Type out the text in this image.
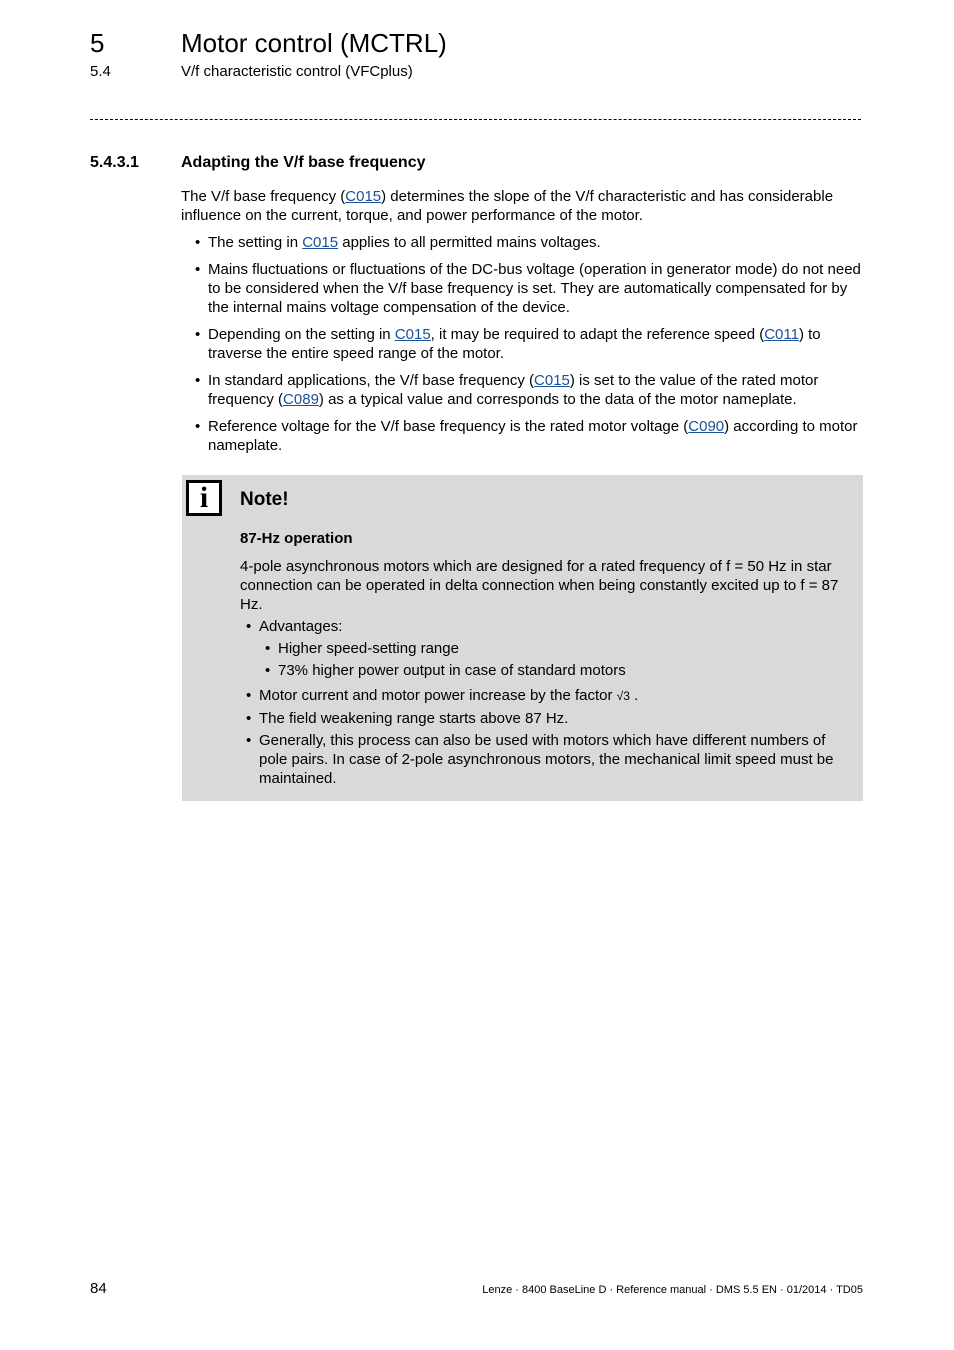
5	Motor control (MCTRL)
5.4	V/f characteristic control (VFCplus)
5.4.3.1	Adapting the V/f base frequency

The V/f base frequency (C015) determines the slope of the V/f characteristic and has considerable influence on the current, torque, and power performance of the motor.

• The setting in C015 applies to all permitted mains voltages.
• Mains fluctuations or fluctuations of the DC-bus voltage (operation in generator mode) do not need to be considered when the V/f base frequency is set. They are automatically compensated for by the internal mains voltage compensation of the device.
• Depending on the setting in C015, it may be required to adapt the reference speed (C011) to traverse the entire speed range of the motor.
• In standard applications, the V/f base frequency (C015) is set to the value of the rated motor frequency (C089) as a typical value and corresponds to the data of the motor nameplate.
• Reference voltage for the V/f base frequency is the rated motor voltage (C090) according to motor nameplate.
i	Note!
87-Hz operation

4-pole asynchronous motors which are designed for a rated frequency of f = 50 Hz in star connection can be operated in delta connection when being constantly excited up to f = 87 Hz.

• Advantages:
• Higher speed-setting range
• 73% higher power output in case of standard motors
• Motor current and motor power increase by the factor √3 .
• The field weakening range starts above 87 Hz.
• Generally, this process can also be used with motors which have different numbers of pole pairs. In case of 2-pole asynchronous motors, the mechanical limit speed must be maintained.
84	Lenze · 8400 BaseLine D · Reference manual · DMS 5.5 EN · 01/2014 · TD05
